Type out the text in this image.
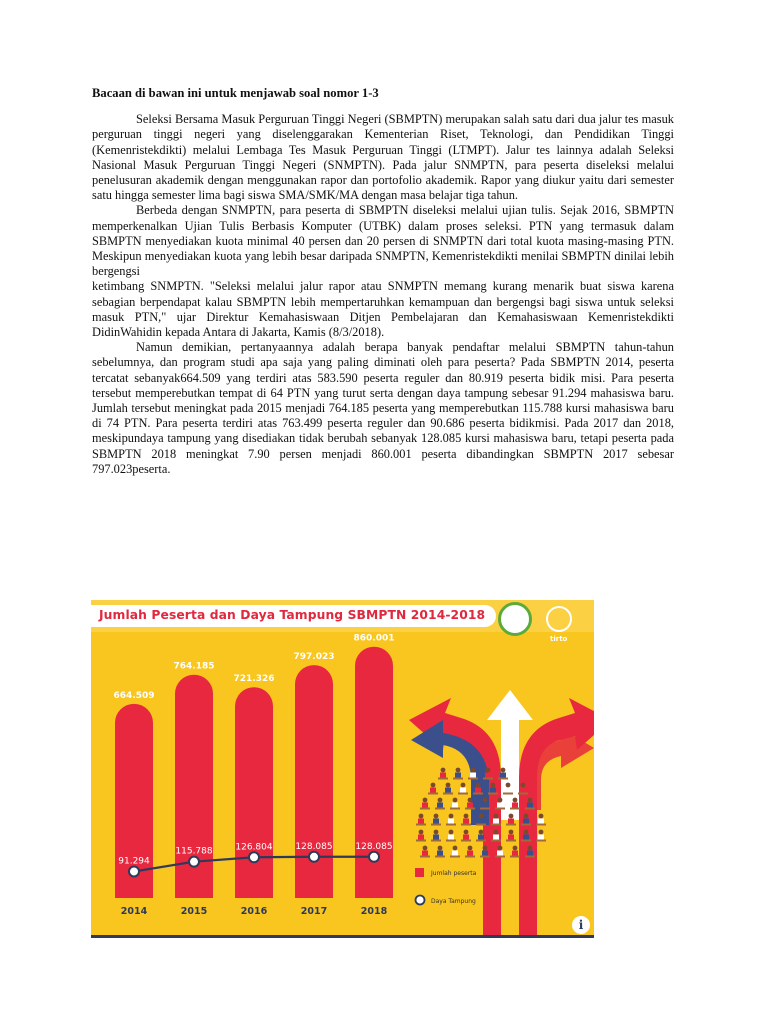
Bacaan di bawan ini untuk menjawab soal nomor 1-3

Seleksi Bersama Masuk Perguruan Tinggi Negeri (SBMPTN) merupakan salah satu dari dua jalur tes masuk perguruan tinggi negeri yang diselenggarakan Kementerian Riset, Teknologi, dan Pendidikan Tinggi (Kemenristekdikti) melalui Lembaga Tes Masuk Perguruan Tinggi (LTMPT). Jalur tes lainnya adalah Seleksi Nasional Masuk Perguruan Tinggi Negeri (SNMPTN). Pada jalur SNMPTN, para peserta diseleksi melalui penelusuran akademik dengan menggunakan rapor dan portofolio akademik. Rapor yang diukur yaitu dari semester satu hingga semester lima bagi siswa SMA/SMK/MA dengan masa belajar tiga tahun.

Berbeda dengan SNMPTN, para peserta di SBMPTN diseleksi melalui ujian tulis. Sejak 2016, SBMPTN memperkenalkan Ujian Tulis Berbasis Komputer (UTBK) dalam proses seleksi. PTN yang termasuk dalam SBMPTN menyediakan kuota minimal 40 persen dan 20 persen di SNMPTN dari total kuota masing-masing PTN. Meskipun menyediakan kuota yang lebih besar daripada SNMPTN, Kemenristekdikti menilai SBMPTN dinilai lebih bergengsi

ketimbang SNMPTN. "Seleksi melalui jalur rapor atau SNMPTN memang kurang menarik buat siswa karena sebagian berpendapat kalau SBMPTN lebih mempertaruhkan kemampuan dan bergengsi bagi siswa untuk seleksi masuk PTN," ujar Direktur Kemahasiswaan Ditjen Pembelajaran dan Kemahasiswaan Kemenristekdikti DidinWahidin kepada Antara di Jakarta, Kamis (8/3/2018).

Namun demikian, pertanyaannya adalah berapa banyak pendaftar melalui SBMPTN tahun-tahun sebelumnya, dan program studi apa saja yang paling diminati oleh para peserta? Pada SBMPTN 2014, peserta tercatat sebanyak664.509 yang terdiri atas 583.590 peserta reguler dan 80.919 peserta bidik misi. Para peserta tersebut memperebutkan tempat di 64 PTN yang turut serta dengan daya tampung sebesar 91.294 mahasiswa baru. Jumlah tersebut meningkat pada 2015 menjadi 764.185 peserta yang memperebutkan 115.788 kursi mahasiswa baru di 74 PTN. Para peserta terdiri atas 763.499 peserta reguler dan 90.686 peserta bidikmisi. Pada 2017 dan 2018, meskipundaya tampung yang disediakan tidak berubah sebanyak 128.085 kursi mahasiswa baru, tetapi peserta pada SBMPTN 2018 meningkat 7.90 persen menjadi 860.001 peserta dibandingkan SBMPTN 2017 sebesar 797.023peserta.

Jumlah Peserta dan Daya Tampung SBMPTN 2014-2018
tirto
664.509
764.185
721.326
797.023
860.001
2014	2015	2016	2017	2018
91.294
115.788	126.804	128.085	128.085
Jumlah peserta
Daya Tampung
i
